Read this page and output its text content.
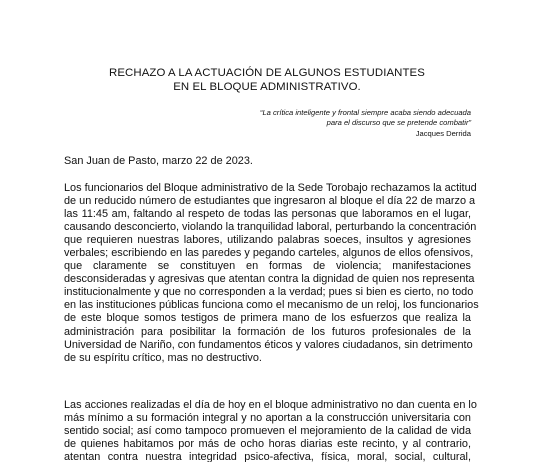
RECHAZO A LA ACTUACIÓN DE ALGUNOS ESTUDIANTES
EN EL BLOQUE ADMINISTRATIVO.
“La crítica inteligente y frontal siempre acaba siendo adecuada
para el discurso que se pretende combatir”
Jacques Derrida
San Juan de Pasto, marzo 22 de 2023.
Los funcionarios del Bloque administrativo de la Sede Torobajo rechazamos la actitud
de un reducido número de estudiantes que ingresaron al bloque el día 22 de marzo a
las 11:45 am, faltando al respeto de todas las personas que laboramos en el lugar,
causando desconcierto, violando la tranquilidad laboral, perturbando la concentración
que requieren nuestras labores, utilizando palabras soeces, insultos y agresiones
verbales; escribiendo en las paredes y pegando carteles, algunos de ellos ofensivos,
que claramente se constituyen en formas de violencia; manifestaciones
desconsideradas y agresivas que atentan contra la dignidad de quien nos representa
institucionalmente y que no corresponden a la verdad; pues si bien es cierto, no todo
en las instituciones públicas funciona como el mecanismo de un reloj, los funcionarios
de este bloque somos testigos de primera mano de los esfuerzos que realiza la
administración para posibilitar la formación de los futuros profesionales de la
Universidad de Nariño, con fundamentos éticos y valores ciudadanos, sin detrimento
de su espíritu crítico, mas no destructivo.
Las acciones realizadas el día de hoy en el bloque administrativo no dan cuenta en lo
más mínimo a su formación integral y no aportan a la construcción universitaria con
sentido social; así como tampoco promueven el mejoramiento de la calidad de vida
de quienes habitamos por más de ocho horas diarias este recinto, y al contrario,
atentan contra nuestra integridad psico-afectiva, física, moral, social, cultural,
